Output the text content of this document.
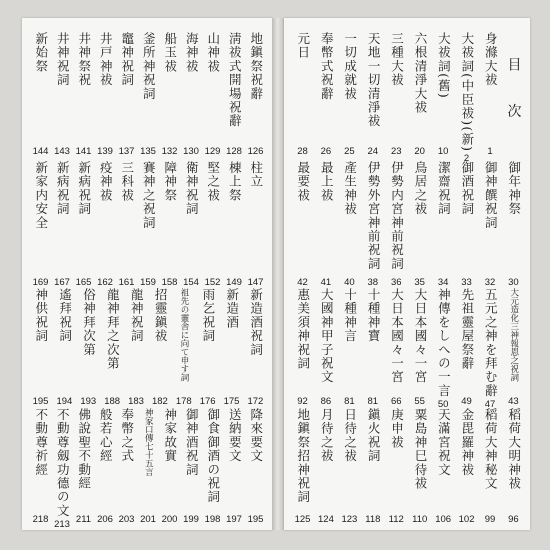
地鎭祭祝辭
126
淸祓式開場祝辭
128
山神祓
129
海神祓
130
船玉祓
132
釜所神祝詞
135
竈神祝詞
137
井戸神祓
139
井神祭祝
141
井神祝詞
143
新始祭
144
柱立
147
棟上祭
149
堅之祓
152
衛神祝詞
154
障神祭
158
賽神之祝詞
159
三科祓
161
疫神祓
162
新病祝詞
165
新病祝詞
167
新家内安全
169
新造酒祝詞
172
新造酒
175
雨乞祝詞
176
祖先の靈舎に向て申す詞
178
招靈鎭祓
182
龍神祝詞
183
龍神拜之次第
188
俗神拜次第
193
遙拜祝詞
194
神供祝詞
195
降來要文
195
送納要文
197
御食御酒の祝詞
198
御神酒祝詞
199
神家故實
200
神家口傳七十五言
201
奉幣之式
203
般若心經
206
佛說聖不動經
211
不動尊劔功德の文
213
不動尊祈經
218
目 次
身滌大祓
1
大祓詞(中臣祓)(新)
2
大祓詞(舊)
10
六根清淨大祓
20
三種大祓
23
天地一切清淨祓
24
一切成就祓
25
奉幣式祝辭
26
元日
28
御年神祭
30
御神饌祝詞
32
御酒祝詞
33
潔齋祝詞
34
鳥居之祓
35
伊勢内宮神前祝詞
36
伊勢外宮神前祝詞
38
產生神祓
40
最上祓
41
最要祓
42
大元造化三神報恩之祝詞
43
五元之神を拜む辭
47
先祖靈屋祭辭
49
神傳をしへの一言
50
大日本國々一宮
55
大日本國々一宮
66
十種神寶
81
十種神言
81
大國神甲子祝文
86
惠美須神祝詞
92
稻荷大明神祓
96
稻荷大神秘文
99
金毘羅神祓
102
天滿宮祝文
106
粟島神巳待祓
110
庚申祓
112
鎭火祝詞
118
日待之祓
123
月待之祓
124
地鎭祭招神祝詞
125
